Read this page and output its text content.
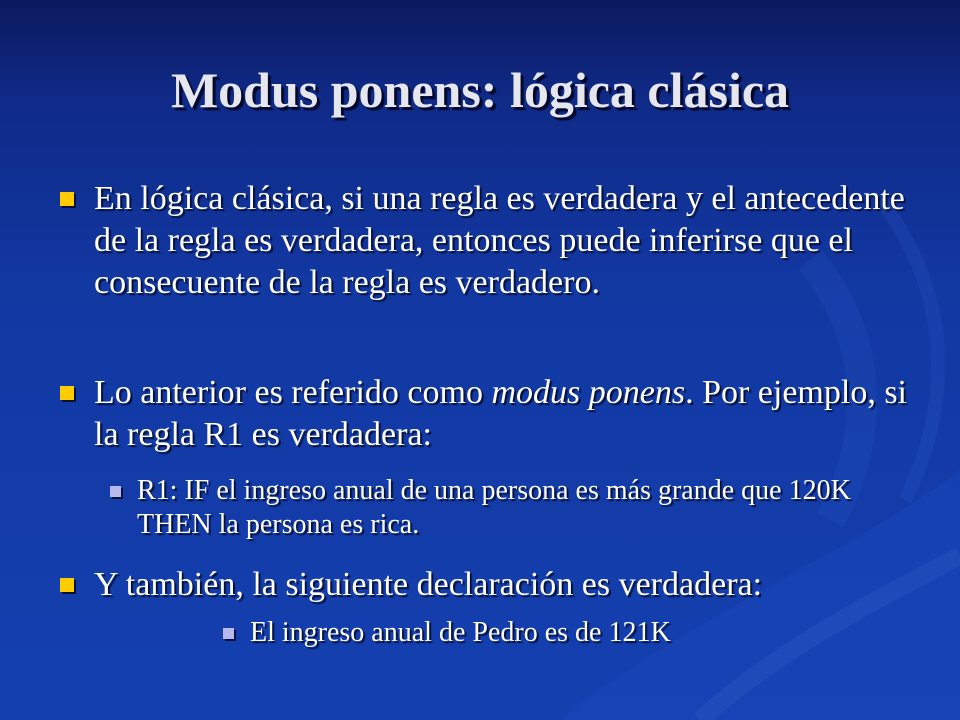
Modus ponens: lógica clásica

En lógica clásica, si una regla es verdadera y el antecedente de la regla es verdadera, entonces puede inferirse que el consecuente de la regla es verdadero.

Lo anterior es referido como modus ponens. Por ejemplo, si la regla R1 es verdadera:

R1: IF el ingreso anual de una persona es más grande que 120K THEN la persona es rica.

Y también, la siguiente declaración es verdadera:

El ingreso anual de Pedro es de 121K
